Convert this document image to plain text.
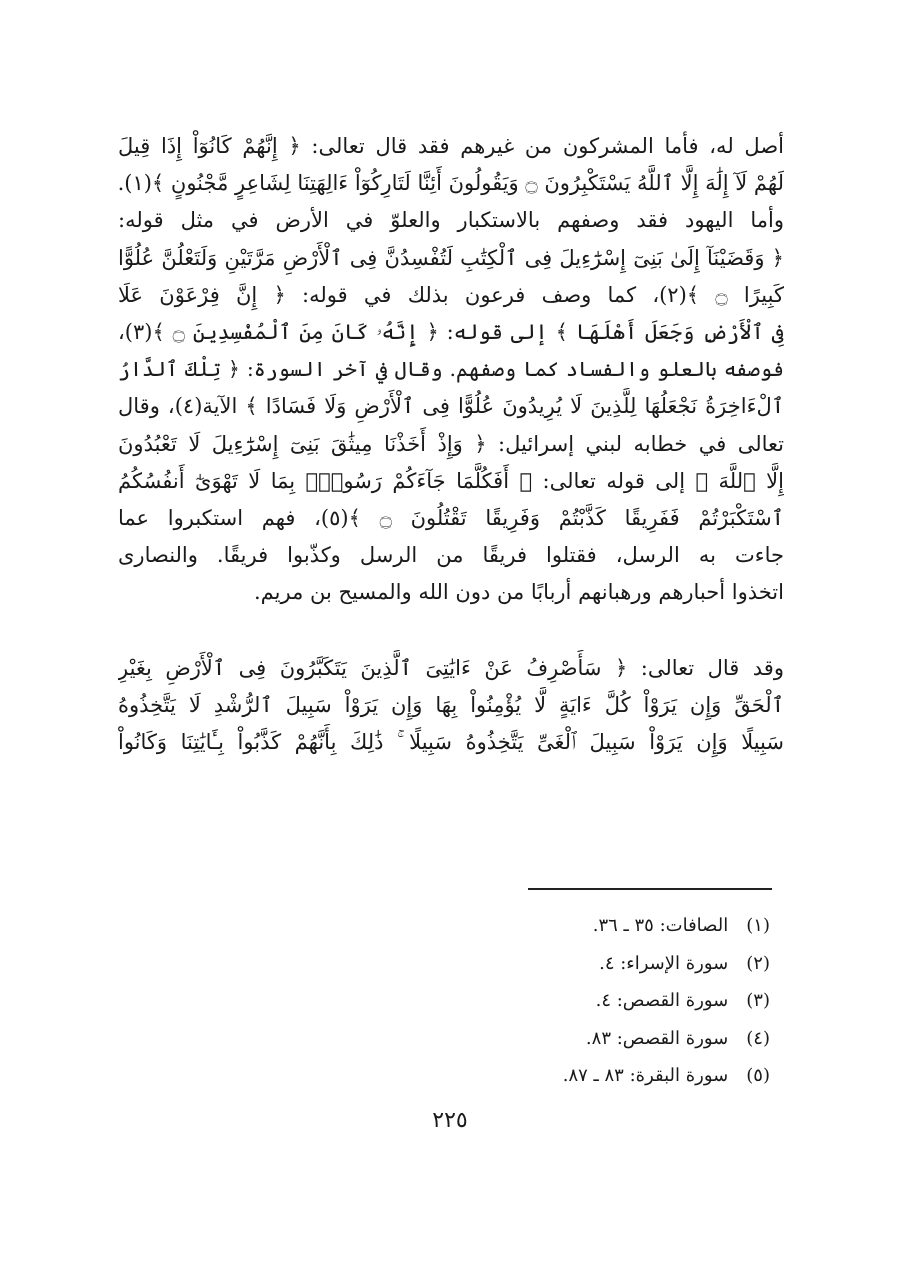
أصل له، فأما المشركون من غيرهم فقد قال تعالى: ﴿ إِنَّهُمْ كَانُوٓاْ إِذَا قِيلَ
لَهُمْ لَآ إِلَٰهَ إِلَّا ٱللَّهُ يَسْتَكْبِرُونَ ۝ وَيَقُولُونَ أَئِنَّا لَتَارِكُوٓاْ ءَالِهَتِنَا لِشَاعِرٍ مَّجْنُونٍ ﴾(١).
وأما اليهود فقد وصفهم بالاستكبار والعلوّ في الأرض في مثل قوله:
﴿ وَقَضَيْنَآ إِلَىٰ بَنِىٓ إِسْرَٰٓءِيلَ فِى ٱلْكِتَٰبِ لَتُفْسِدُنَّ فِى ٱلْأَرْضِ مَرَّتَيْنِ وَلَتَعْلُنَّ عُلُوًّا
كَبِيرًا ۝ ﴾(٢)، كما وصف فرعون بذلك في قوله: ﴿ إِنَّ فِرْعَوْنَ عَلَا
فِى ٱلْأَرْضِ وَجَعَلَ أَهْلَهَا ﴾ إلى قوله: ﴿ إِنَّهُۥ كَانَ مِنَ ٱلْمُفْسِدِينَ ۝ ﴾(٣)،
فوصفه بالعلو والفساد كما وصفهم. وقال في آخر السورة: ﴿ تِلْكَ ٱلدَّارُ
ٱلْءَاخِرَةُ نَجْعَلُهَا لِلَّذِينَ لَا يُرِيدُونَ عُلُوًّا فِى ٱلْأَرْضِ وَلَا فَسَادًا ﴾ الآية(٤)، وقال
تعالى في خطابه لبني إسرائيل: ﴿ وَإِذْ أَخَذْنَا مِيثَٰقَ بَنِىٓ إِسْرَٰٓءِيلَ لَا تَعْبُدُونَ
إِلَّا ٱللَّهَ ﴾ إلى قوله تعالى: ﴿ أَفَكُلَّمَا جَآءَكُمْ رَسُولٌۢ بِمَا لَا تَهْوَىٰٓ أَنفُسُكُمُ
ٱسْتَكْبَرْتُمْ فَفَرِيقًا كَذَّبْتُمْ وَفَرِيقًا تَقْتُلُونَ ۝ ﴾(٥)، فهم استكبروا عما
جاءت به الرسل، فقتلوا فريقًا من الرسل وكذّبوا فريقًا. والنصارى
اتخذوا أحبارهم ورهبانهم أربابًا من دون الله والمسيح بن مريم.

وقد قال تعالى: ﴿ سَأَصْرِفُ عَنْ ءَايَٰتِىَ ٱلَّذِينَ يَتَكَبَّرُونَ فِى ٱلْأَرْضِ بِغَيْرِ
ٱلْحَقِّ وَإِن يَرَوْاْ كُلَّ ءَايَةٍ لَّا يُؤْمِنُواْ بِهَا وَإِن يَرَوْاْ سَبِيلَ ٱلرُّشْدِ لَا يَتَّخِذُوهُ
سَبِيلًا وَإِن يَرَوْاْ سَبِيلَ ٱلْغَىِّ يَتَّخِذُوهُ سَبِيلًا ۚ ذَٰلِكَ بِأَنَّهُمْ كَذَّبُواْ بِـَٔايَٰتِنَا وَكَانُواْ

(١) الصافات: ٣٥ ـ ٣٦.
(٢) سورة الإسراء: ٤.
(٣) سورة القصص: ٤.
(٤) سورة القصص: ٨٣.
(٥) سورة البقرة: ٨٣ ـ ٨٧.
٢٢٥
